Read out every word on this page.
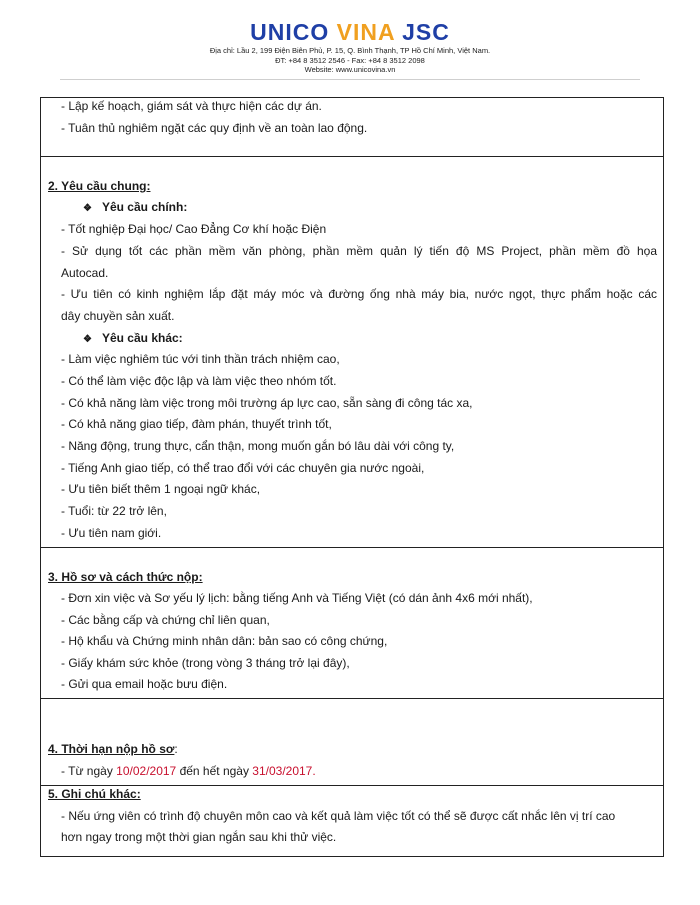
UNICO VINA JSC
Địa chỉ: Lầu 2, 199 Điện Biên Phủ, P. 15, Q. Bình Thạnh, TP Hồ Chí Minh, Việt Nam.
ĐT: +84 8 3512 2546 - Fax: +84 8 3512 2098
Website: www.unicovina.vn
- Lập kế hoạch, giám sát và thực hiện các dự án.
- Tuân thủ nghiêm ngặt các quy định về an toàn lao động.
2. Yêu cầu chung:
❖ Yêu cầu chính:
- Tốt nghiệp Đại học/ Cao Đẳng Cơ khí hoặc Điện
- Sử dụng tốt các phần mềm văn phòng, phần mềm quản lý tiến độ MS Project, phần mềm đồ họa
Autocad.
- Ưu tiên có kinh nghiệm lắp đặt máy móc và đường ống nhà máy bia, nước ngọt, thực phẩm hoặc các
dây chuyền sản xuất.
❖ Yêu cầu khác:
- Làm việc nghiêm túc với tinh thần trách nhiệm cao,
- Có thể làm việc độc lập và làm việc theo nhóm tốt.
- Có khả năng làm việc trong môi trường áp lực cao, sẵn sàng đi công tác xa,
- Có khả năng giao tiếp, đàm phán, thuyết trình tốt,
- Năng động, trung thực, cẩn thận, mong muốn gắn bó lâu dài với công ty,
- Tiếng Anh giao tiếp, có thể trao đổi với các chuyên gia nước ngoài,
- Ưu tiên biết thêm 1 ngoại ngữ khác,
- Tuổi: từ 22 trở lên,
- Ưu tiên nam giới.
3. Hồ sơ và cách thức nộp:
- Đơn xin việc và Sơ yếu lý lịch: bằng tiếng Anh và Tiếng Việt (có dán ảnh 4x6 mới nhất),
- Các bằng cấp và chứng chỉ liên quan,
- Hộ khẩu và Chứng minh nhân dân: bản sao có công chứng,
- Giấy khám sức khỏe (trong vòng 3 tháng trở lại đây),
- Gửi qua email hoặc bưu điện.
4. Thời hạn nộp hồ sơ:
- Từ ngày 10/02/2017 đến hết ngày 31/03/2017.
5. Ghi chú khác:
- Nếu ứng viên có trình độ chuyên môn cao và kết quả làm việc tốt có thể sẽ được cất nhắc lên vị trí cao
hơn ngay trong một thời gian ngắn sau khi thử việc.
